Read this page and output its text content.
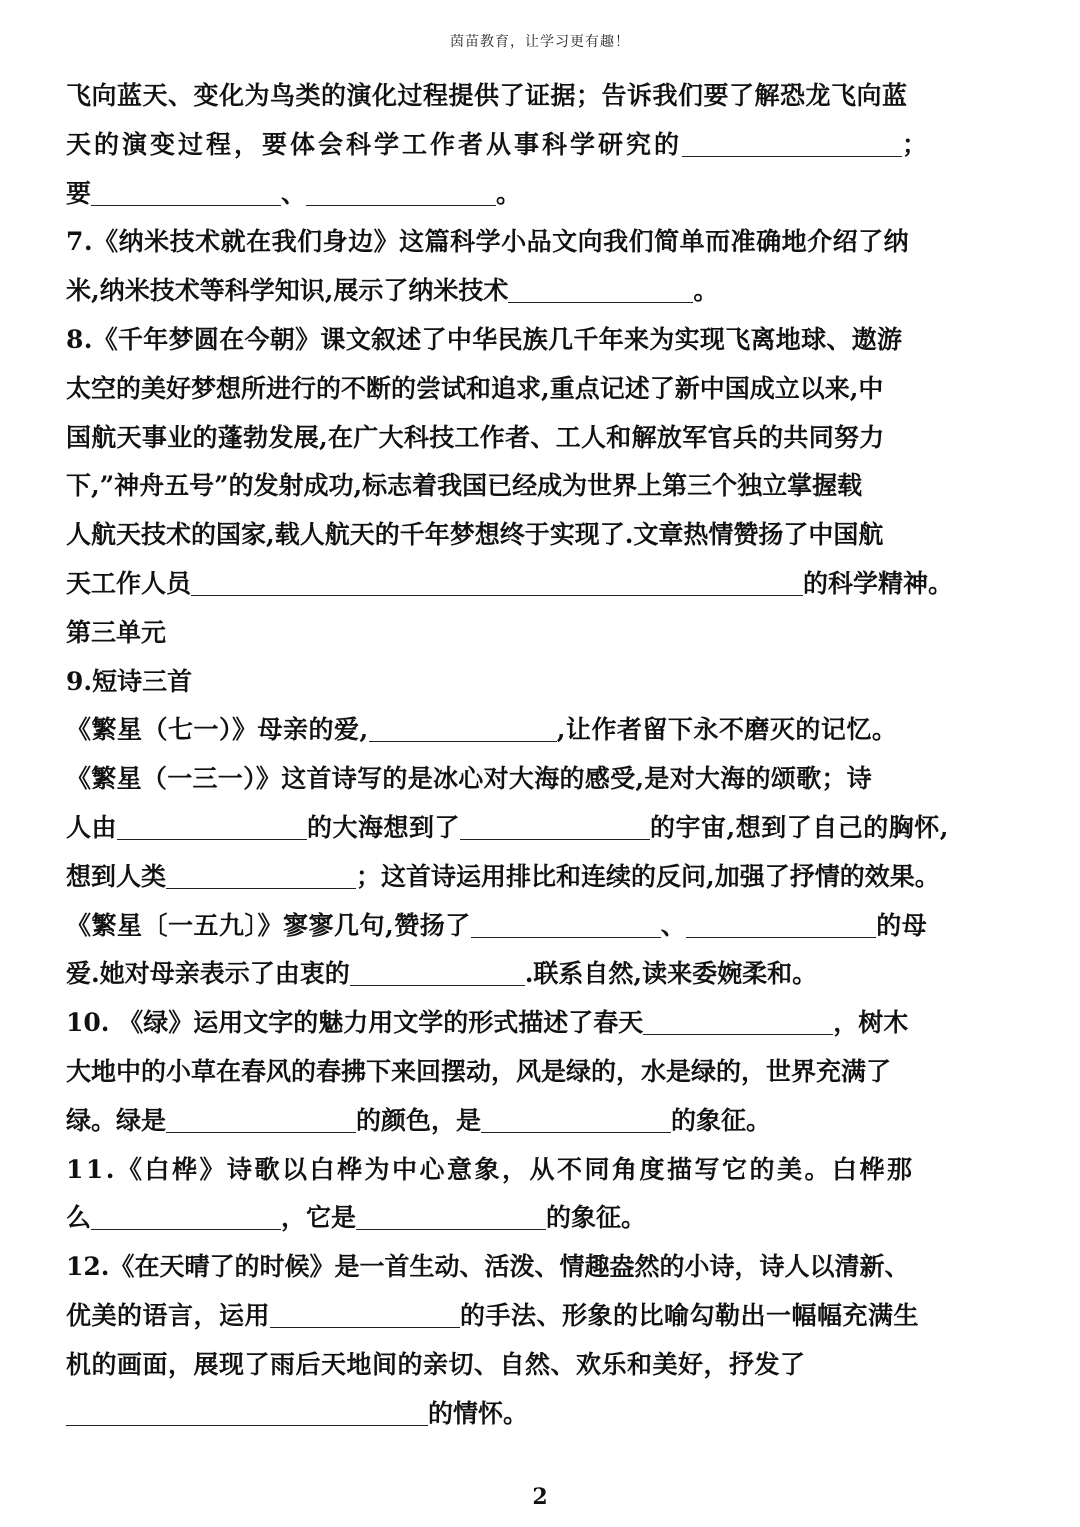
茵苗教育，让学习更有趣！
飞向蓝天、变化为鸟类的演化过程提供了证据；告诉我们要了解恐龙飞向蓝
天的演变过程，要体会科学工作者从事科学研究的	；
要	、	。
7.《纳米技术就在我们身边》这篇科学小品文向我们简单而准确地介绍了纳
米,纳米技术等科学知识,展示了纳米技术	。
8.《千年梦圆在今朝》课文叙述了中华民族几千年来为实现飞离地球、遨游
太空的美好梦想所进行的不断的尝试和追求,重点记述了新中国成立以来,中
国航天事业的蓬勃发展,在广大科技工作者、工人和解放军官兵的共同努力
下,”神舟五号”的发射成功,标志着我国已经成为世界上第三个独立掌握载
人航天技术的国家,载人航天的千年梦想终于实现了.文章热情赞扬了中国航
天工作人员	的科学精神。
第三单元
9.短诗三首
《繁星（七一）》母亲的爱,	,让作者留下永不磨灭的记忆。
《繁星（一三一）》这首诗写的是冰心对大海的感受,是对大海的颂歌；诗
人由	的大海想到了	的宇宙,想到了自己的胸怀,
想到人类	；这首诗运用排比和连续的反问,加强了抒情的效果。
《繁星〔一五九〕》寥寥几句,赞扬了	、	的母
爱.她对母亲表示了由衷的	.联系自然,读来委婉柔和。
10. 《绿》运用文字的魅力用文学的形式描述了春天	，树木
大地中的小草在春风的春拂下来回摆动，风是绿的，水是绿的，世界充满了
绿。绿是	的颜色，是	的象征。
11.《白桦》诗歌以白桦为中心意象，从不同角度描写它的美。白桦那
么	，它是	的象征。
12.《在天晴了的时候》是一首生动、活泼、情趣盎然的小诗，诗人以清新、
优美的语言，运用	的手法、形象的比喻勾勒出一幅幅充满生
机的画面，展现了雨后天地间的亲切、自然、欢乐和美好，抒发了
的情怀。
2
